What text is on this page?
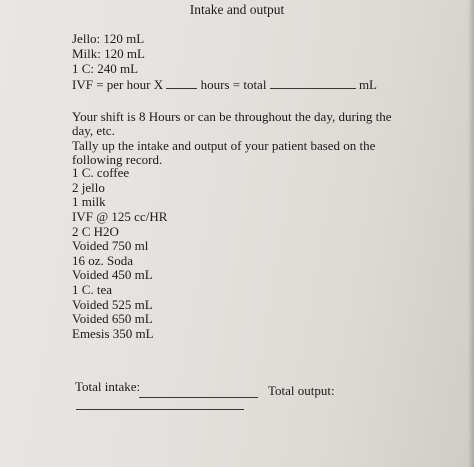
Intake and output
Jello: 120 mL
Milk: 120 mL
1 C: 240 mL
IVF = per hour X	hours = total	mL
Your shift is 8 Hours or can be throughout the day, during the
day, etc.
Tally up the intake and output of your patient based on the
following record.
1 C. coffee
2 jello
1 milk
IVF @ 125 cc/HR
2 C H2O
Voided 750 ml
16 oz. Soda
Voided 450 mL
1 C. tea
Voided 525 mL
Voided 650 mL
Emesis 350 mL
Total intake:	Total output:
